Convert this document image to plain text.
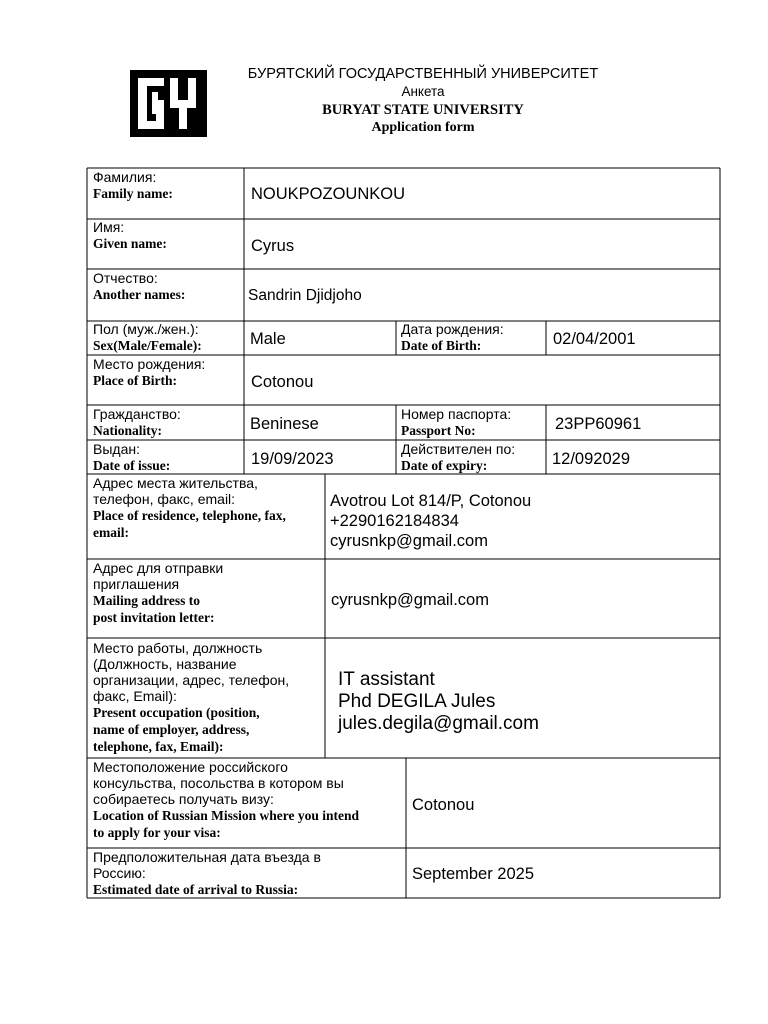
БУРЯТСКИЙ ГОСУДАРСТВЕННЫЙ УНИВЕРСИТЕТ
Анкета
BURYAT STATE UNIVERSITY
Application form
Фамилия:
Family name:	NOUKPOZOUNKOU
Имя:
Given name:	Cyrus
Отчество:
Another names:	Sandrin Djidjoho
Пол (муж./жен.):
Sex(Male/Female):	Male
Дата рождения:
Date of Birth:	02/04/2001
Место рождения:
Place of Birth:	Cotonou
Гражданство:
Nationality:	Beninese
Номер паспорта:
Passport No:	23PP60961
Выдан:
Date of issue:	19/09/2023
Действителен по:
Date of expiry:	12/092029
Адрес места жительства,
телефон, факс, email:
Place of residence, telephone, fax,
email:
Avotrou Lot 814/P, Cotonou
+2290162184834
cyrusnkp@gmail.com
Адрес для отправки
приглашения
Mailing address to
post invitation letter:
cyrusnkp@gmail.com
Место работы, должность
(Должность, название
организации, адрес, телефон,
факс, Email):
Present occupation (position,
name of employer, address,
telephone, fax, Email):
IT assistant
Phd DEGILA Jules
jules.degila@gmail.com
Местоположение российского
консульства, посольства в котором вы
собираетесь получать визу:
Location of Russian Mission where you intend
to apply for your visa:
Cotonou
Предположительная дата въезда в
Россию:
Estimated date of arrival to Russia:
September 2025
